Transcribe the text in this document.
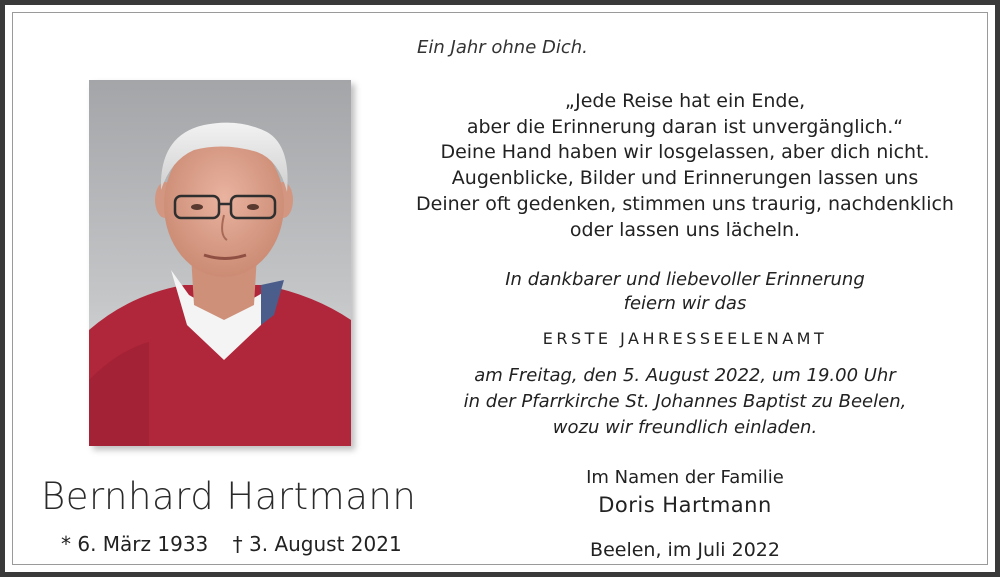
Bernhard Hartmann
* 6. März 1933 † 3. August 2021
Ein Jahr ohne Dich.
„Jede Reise hat ein Ende,
aber die Erinnerung daran ist unvergänglich.“
Deine Hand haben wir losgelassen, aber dich nicht.
Augenblicke, Bilder und Erinnerungen lassen uns
Deiner oft gedenken, stimmen uns traurig, nachdenklich
oder lassen uns lächeln.
In dankbarer und liebevoller Erinnerung
feiern wir das
ERSTE JAHRESSEELENAMT
am Freitag, den 5. August 2022, um 19.00 Uhr
in der Pfarrkirche St. Johannes Baptist zu Beelen,
wozu wir freundlich einladen.
Im Namen der Familie
Doris Hartmann
Beelen, im Juli 2022
